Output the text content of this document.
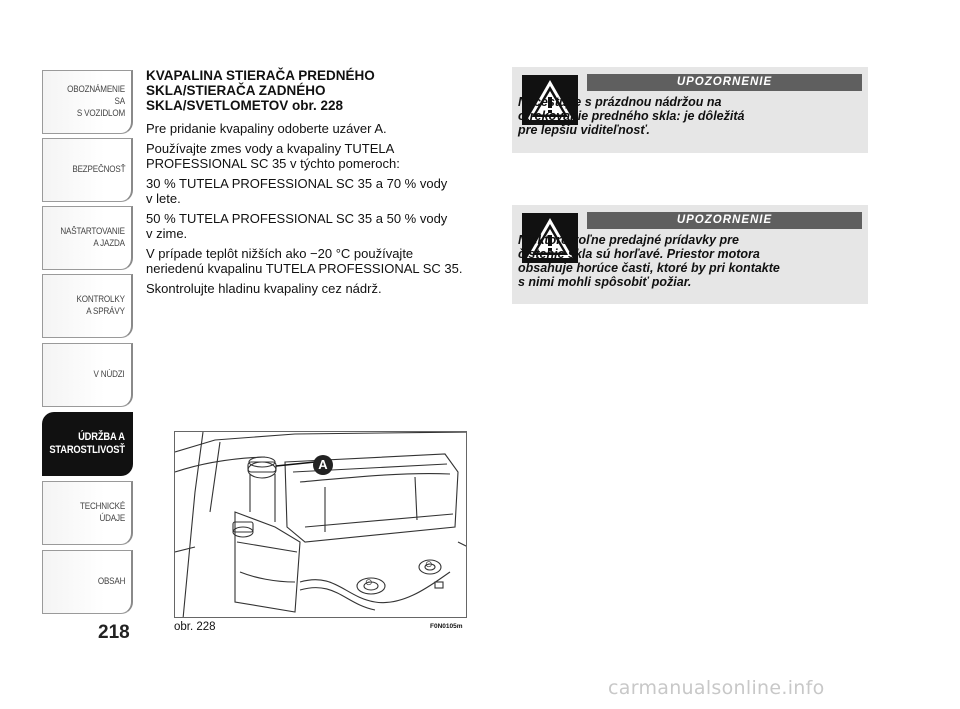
OBOZNÁMENIE SA
S VOZIDLOM
BEZPEČNOSŤ
NAŠTARTOVANIE
A JAZDA
KONTROLKY
A SPRÁVY
V NÚDZI
ÚDRŽBA A
STAROSTLIVOSŤ
TECHNICKÉ
ÚDAJE
OBSAH
218
KVAPALINA STIERAČA PREDNÉHO
SKLA/STIERAČA ZADNÉHO
SKLA/SVETLOMETOV obr. 228

Pre pridanie kvapaliny odoberte uzáver A.

Používajte zmes vody a kvapaliny TUTELA
PROFESSIONAL SC 35 v týchto pomeroch:

30 % TUTELA PROFESSIONAL SC 35 a 70 % vody
v lete.

50 % TUTELA PROFESSIONAL SC 35 a 50 % vody
v zime.

V prípade teplôt nižších ako −20 °C používajte
neriedenú kvapalinu TUTELA PROFESSIONAL SC 35.

Skontrolujte hladinu kvapaliny cez nádrž.

UPOZORNENIE
Necestujte s prázdnou nádržou na
otrekovanie predného skla: je dôležitá
pre lepšiu viditeľnosť.
UPOZORNENIE
Niektoré voľne predajné prídavky pre
čistenie skla sú horľavé. Priestor motora
obsahuje horúce časti, ktoré by pri kontakte
s nimi mohli spôsobiť požiar.
A
⊙
⊙
obr. 228	F0N0105m
carmanualsonline.info
